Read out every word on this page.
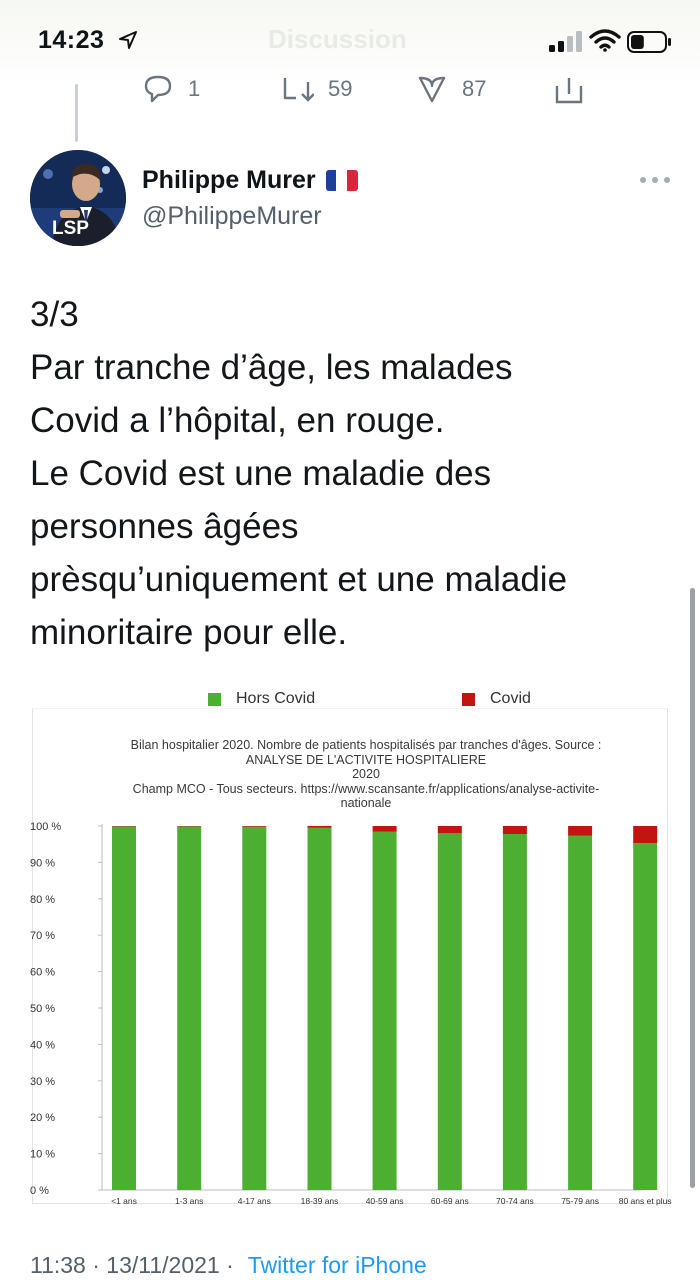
14:23	Discussion
1	59	87
LSP
Philippe Murer
@PhilippeMurer
3/3
Par tranche d’âge, les malades
Covid a l’hôpital, en rouge.
Le Covid est une maladie des
personnes âgées
prèsqu’uniquement et une maladie
minoritaire pour elle.
Hors Covid	Covid
Bilan hospitalier 2020. Nombre de patients hospitalisés par tranches d'âges. Source :
ANALYSE DE L'ACTIVITE HOSPITALIERE
2020
Champ MCO - Tous secteurs. https://www.scansante.fr/applications/analyse-activite-
nationale
0 %
10 %
20 %
30 %
40 %
50 %
60 %
70 %
80 %
90 %
100 %
<1 ans	1-3 ans	4-17 ans	18-39 ans	40-59 ans	60-69 ans	70-74 ans	75-79 ans 80 ans et plus
11:38 · 13/11/2021 · Twitter for iPhone
